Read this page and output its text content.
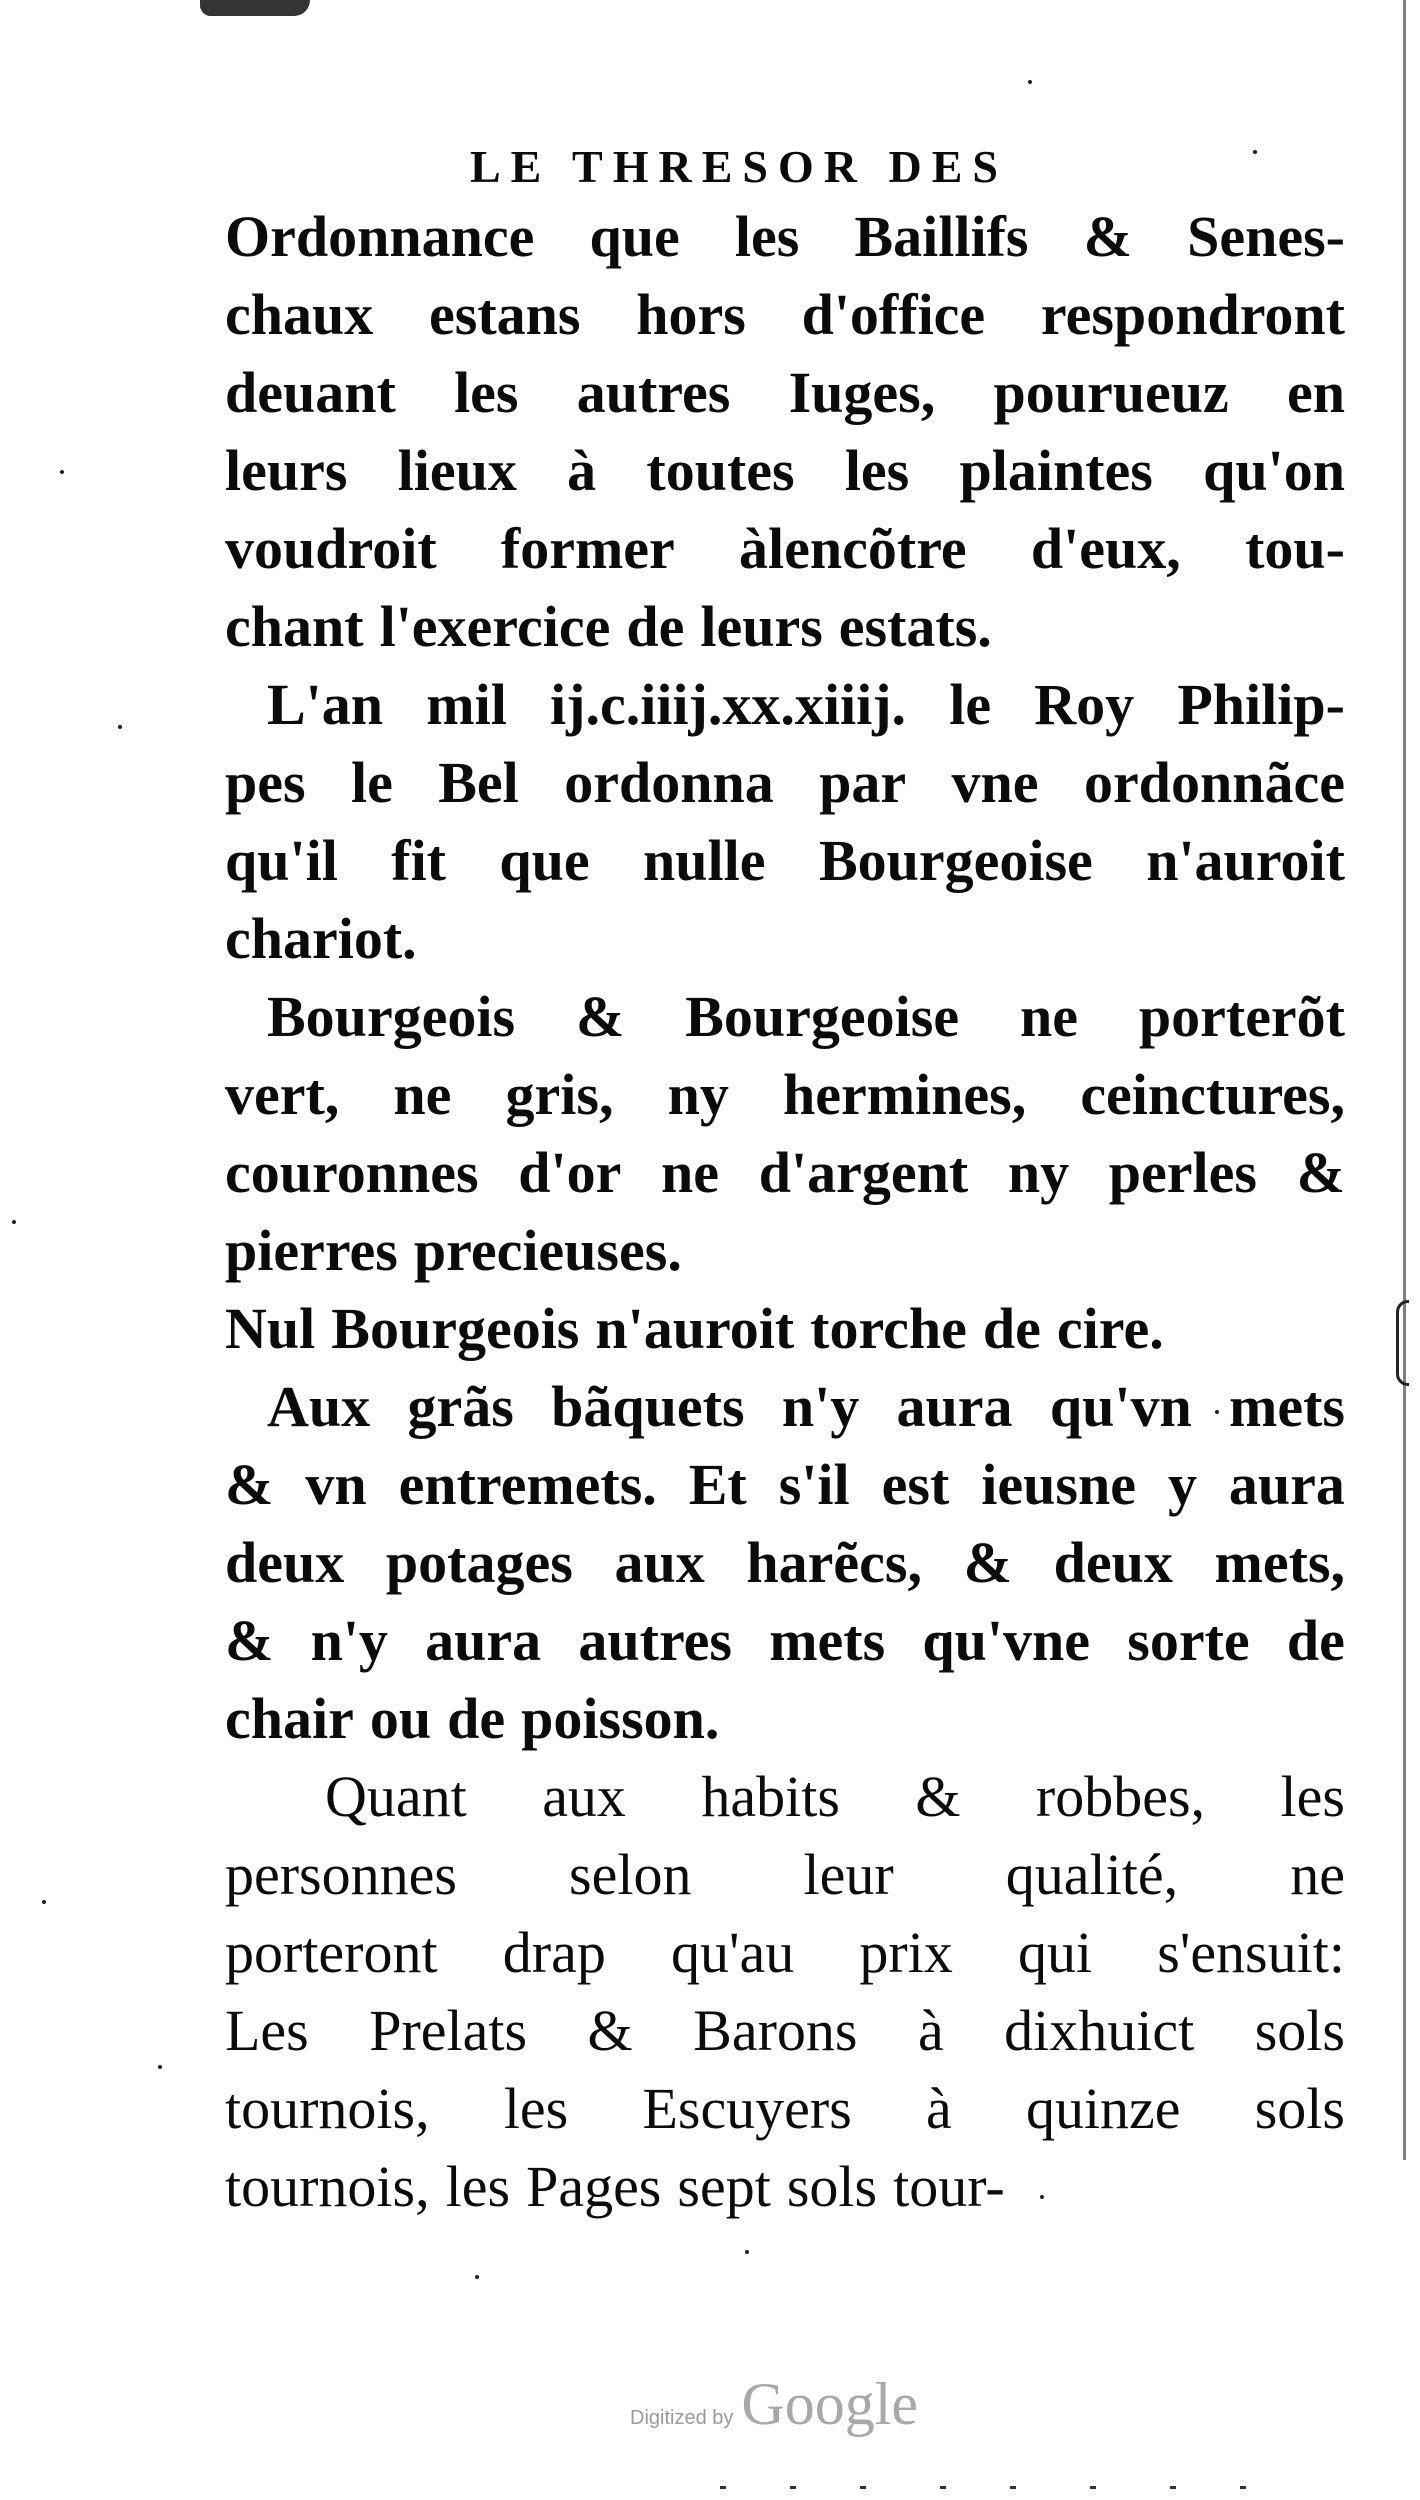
LE THRESOR DES
Ordonnance que les Baillifs & Senes-
chaux estans hors d'office respondront
deuant les autres Iuges, pourueuz en
leurs lieux à toutes les plaintes qu'on
voudroit former àlencõtre d'eux, tou-
chant l'exercice de leurs estats.
L'an mil ij.c.iiij.xx.xiiij. le Roy Philip-
pes le Bel ordonna par vne ordonnãce
qu'il fit que nulle Bourgeoise n'auroit
chariot.
Bourgeois & Bourgeoise ne porterõt
vert, ne gris, ny hermines, ceinctures,
couronnes d'or ne d'argent ny perles &
pierres precieuses.
Nul Bourgeois n'auroit torche de cire.
Aux grãs bãquets n'y aura qu'vn mets
& vn entremets. Et s'il est ieusne y aura
deux potages aux harẽcs, & deux mets,
& n'y aura autres mets qu'vne sorte de
chair ou de poisson.
Quant aux habits & robbes, les
personnes selon leur qualité, ne
porteront drap qu'au prix qui s'ensuit:
Les Prelats & Barons à dixhuict sols
tournois, les Escuyers à quinze sols
tournois, les Pages sept sols tour-
Digitized by Google
